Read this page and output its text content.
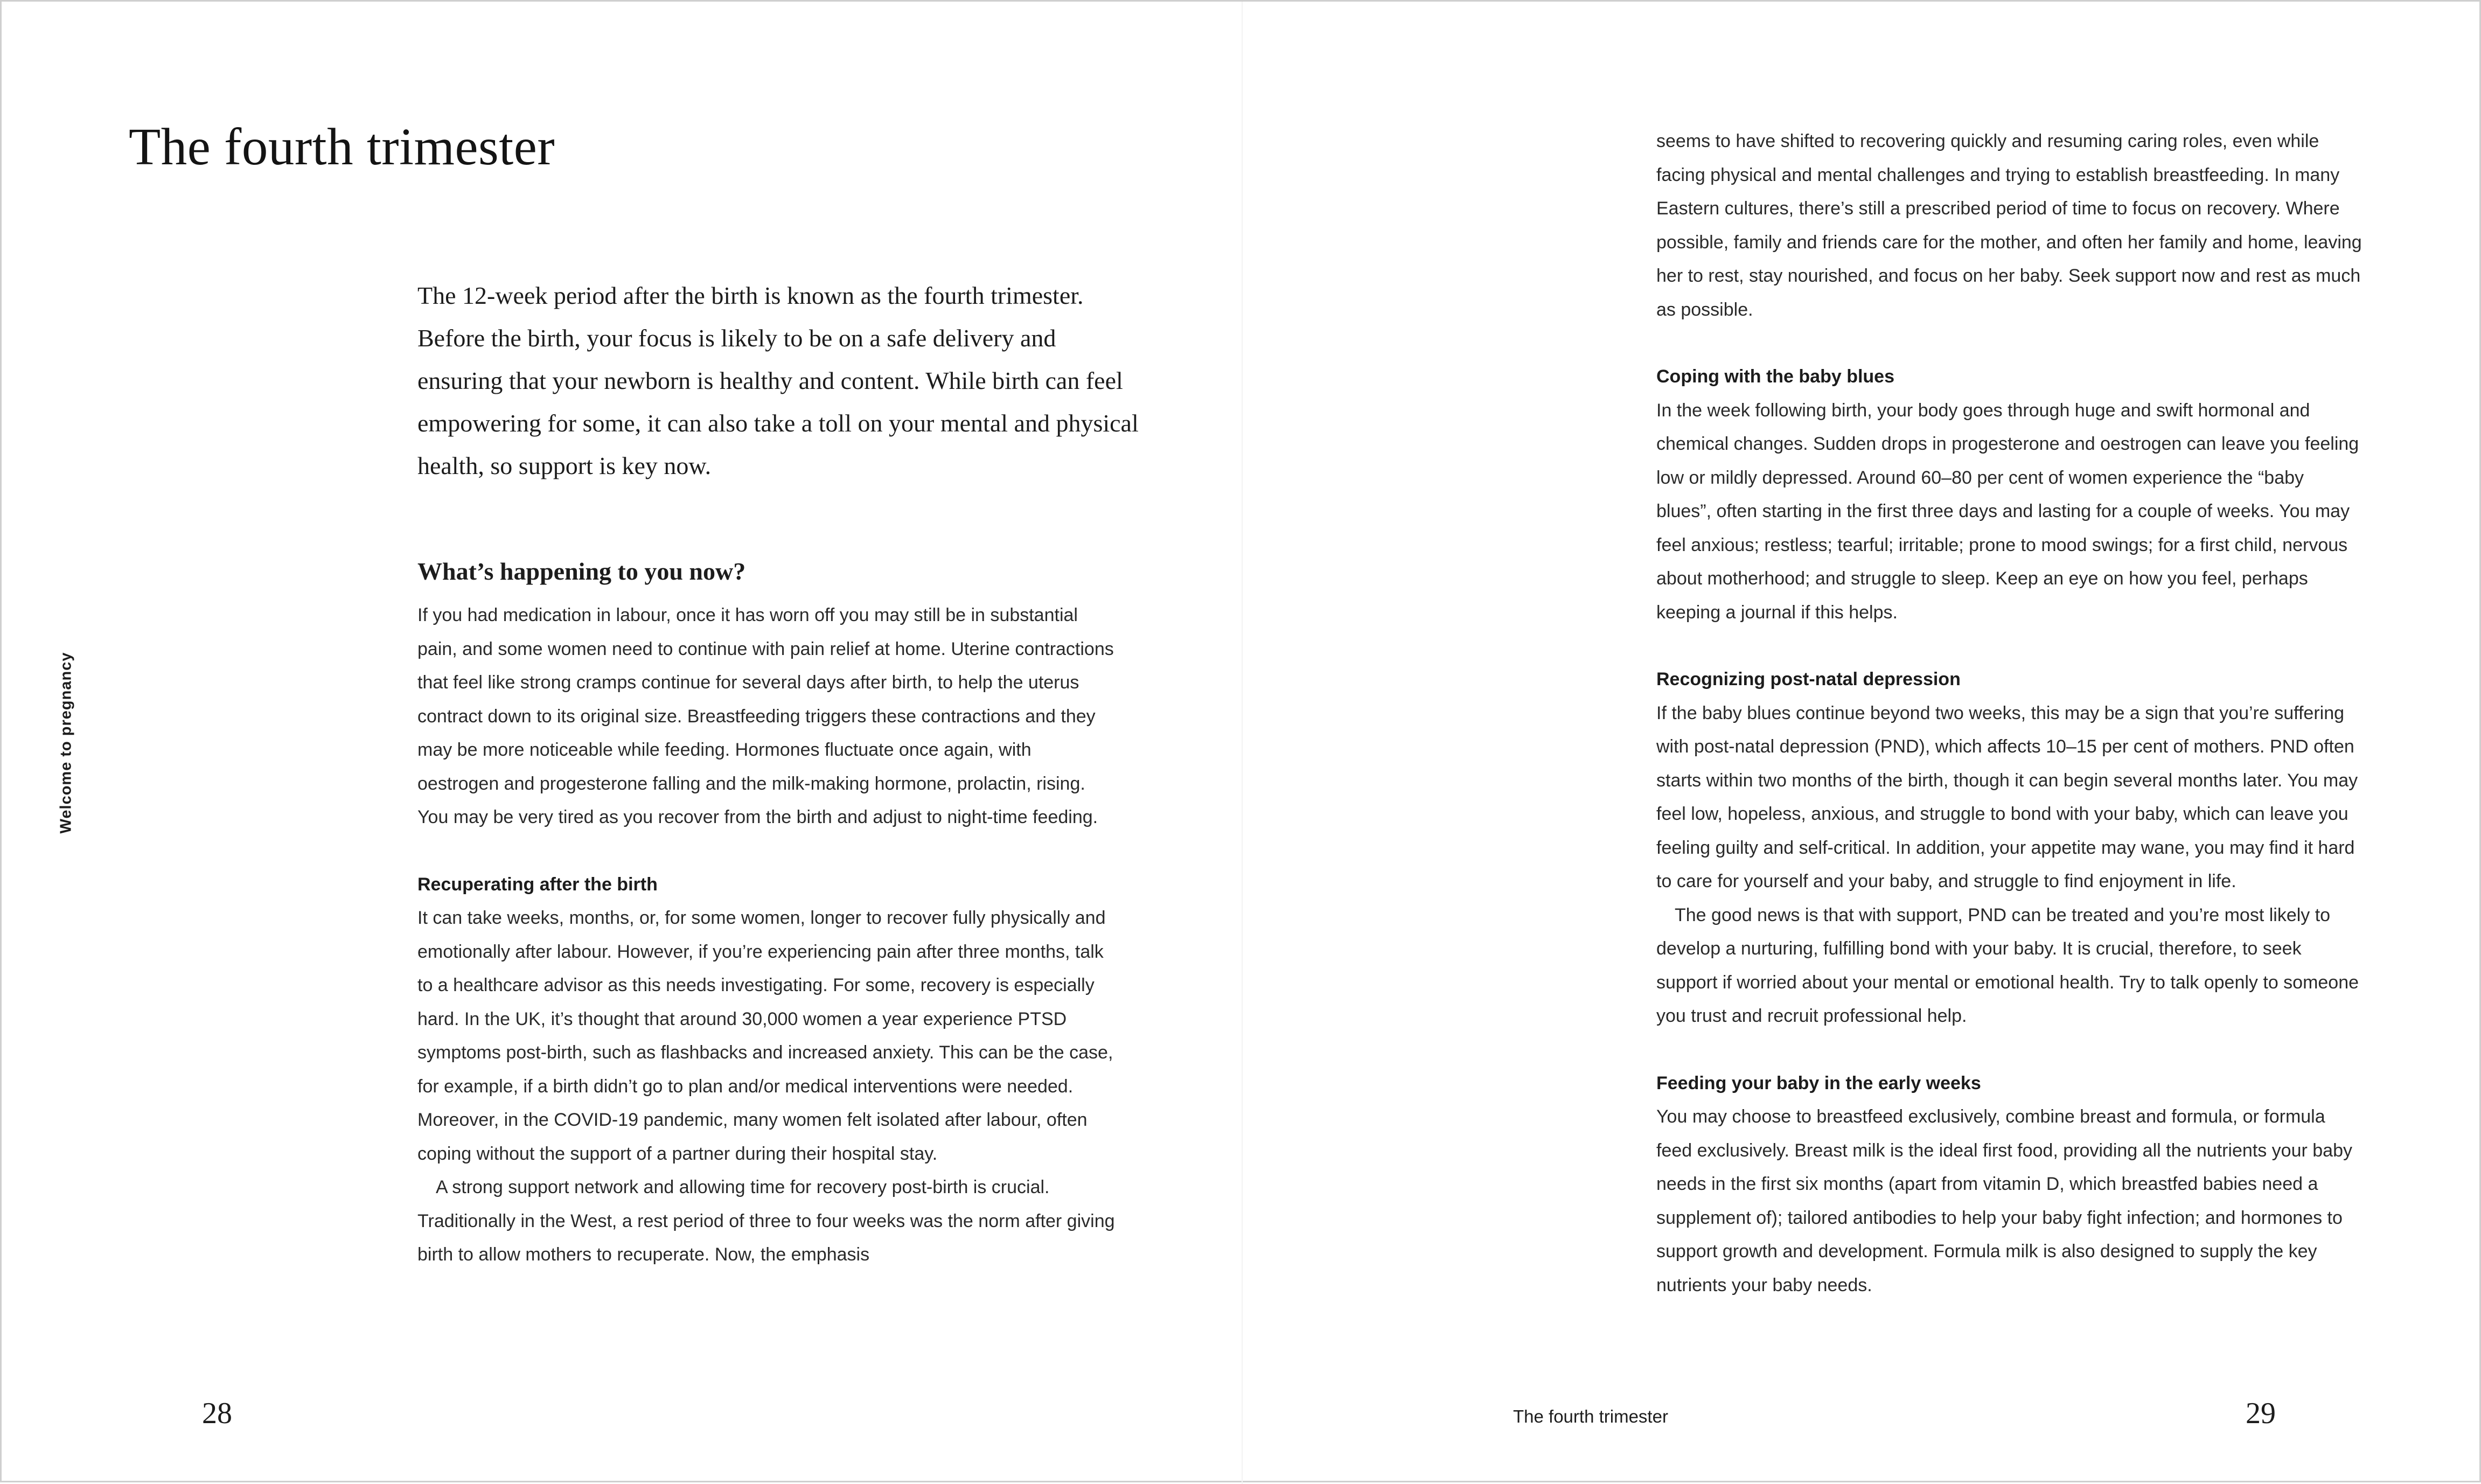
The fourth trimester

The 12-week period after the birth is known as the fourth trimester. Before the birth, your focus is likely to be on a safe delivery and ensuring that your newborn is healthy and content. While birth can feel empowering for some, it can also take a toll on your mental and physical health, so support is key now.

What’s happening to you now?

If you had medication in labour, once it has worn off you may still be in substantial pain, and some women need to continue with pain relief at home. Uterine contractions that feel like strong cramps continue for several days after birth, to help the uterus contract down to its original size. Breastfeeding triggers these contractions and they may be more noticeable while feeding. Hormones fluctuate once again, with oestrogen and progesterone falling and the milk-making hormone, prolactin, rising. You may be very tired as you recover from the birth and adjust to night-time feeding.

Recuperating after the birth

It can take weeks, months, or, for some women, longer to recover fully physically and emotionally after labour. However, if you’re experiencing pain after three months, talk to a healthcare advisor as this needs investigating. For some, recovery is especially hard. In the UK, it’s thought that around 30,000 women a year experience PTSD symptoms post-birth, such as flashbacks and increased anxiety. This can be the case, for example, if a birth didn’t go to plan and/or medical interventions were needed. Moreover, in the COVID-19 pandemic, many women felt isolated after labour, often coping without the support of a partner during their hospital stay.

A strong support network and allowing time for recovery post-birth is crucial. Traditionally in the West, a rest period of three to four weeks was the norm after giving birth to allow mothers to recuperate. Now, the emphasis

seems to have shifted to recovering quickly and resuming caring roles, even while facing physical and mental challenges and trying to establish breastfeeding. In many Eastern cultures, there’s still a prescribed period of time to focus on recovery. Where possible, family and friends care for the mother, and often her family and home, leaving her to rest, stay nourished, and focus on her baby. Seek support now and rest as much as possible.

Coping with the baby blues

In the week following birth, your body goes through huge and swift hormonal and chemical changes. Sudden drops in progesterone and oestrogen can leave you feeling low or mildly depressed. Around 60–80 per cent of women experience the “baby blues”, often starting in the first three days and lasting for a couple of weeks. You may feel anxious; restless; tearful; irritable; prone to mood swings; for a first child, nervous about motherhood; and struggle to sleep. Keep an eye on how you feel, perhaps keeping a journal if this helps.

Recognizing post-natal depression

If the baby blues continue beyond two weeks, this may be a sign that you’re suffering with post-natal depression (PND), which affects 10–15 per cent of mothers. PND often starts within two months of the birth, though it can begin several months later. You may feel low, hopeless, anxious, and struggle to bond with your baby, which can leave you feeling guilty and self-critical. In addition, your appetite may wane, you may find it hard to care for yourself and your baby, and struggle to find enjoyment in life.

The good news is that with support, PND can be treated and you’re most likely to develop a nurturing, fulfilling bond with your baby. It is crucial, therefore, to seek support if worried about your mental or emotional health. Try to talk openly to someone you trust and recruit professional help.

Feeding your baby in the early weeks

You may choose to breastfeed exclusively, combine breast and formula, or formula feed exclusively. Breast milk is the ideal first food, providing all the nutrients your baby needs in the first six months (apart from vitamin D, which breastfed babies need a supplement of); tailored antibodies to help your baby fight infection; and hormones to support growth and development. Formula milk is also designed to supply the key nutrients your baby needs.

Welcome to pregnancy
28	The fourth trimester	29
